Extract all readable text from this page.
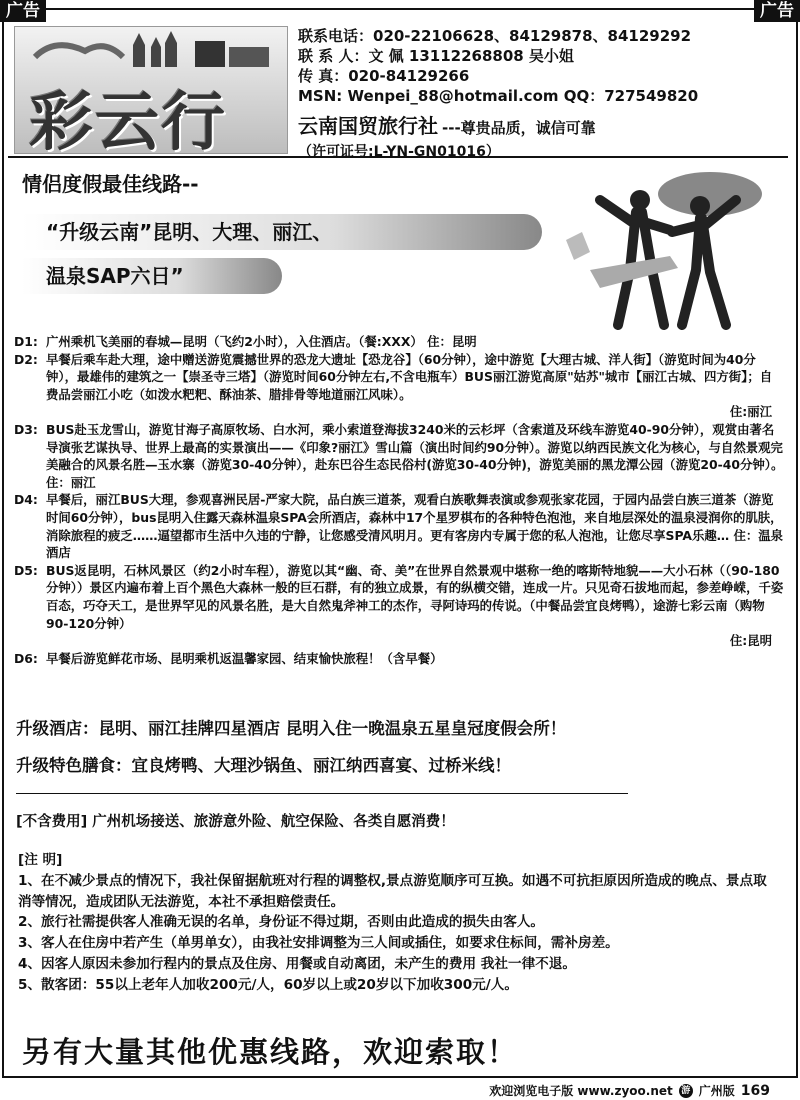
广告	广告
彩云行
联系电话：020-22106628、84129878、84129292
联 系 人：文 佩 13112268808 吴小姐
传 真：020-84129266
MSN: Wenpei_88@hotmail.com QQ：727549820
云南国贸旅行社 ---尊贵品质，诚信可靠
（许可证号:L-YN-GN01016）
情侣度假最佳线路--
“升级云南”昆明、大理、丽江、
温泉SAP六日”
D1: 广州乘机飞美丽的春城—昆明（飞约2小时），入住酒店。（餐:XXX） 住：昆明
D2: 早餐后乘车赴大理，途中赠送游览震撼世界的恐龙大遗址【恐龙谷】（60分钟），途中游览【大理古城、洋人街】（游览时间为40分钟），最雄伟的建筑之一【崇圣寺三塔】（游览时间60分钟左右,不含电瓶车）BUS丽江游览高原"姑苏"城市【丽江古城、四方街】；自费品尝丽江小吃（如泼水粑粑、酥油茶、腊排骨等地道丽江风味）。
住:丽江
D3: BUS赴玉龙雪山，游览甘海子高原牧场、白水河，乘小索道登海拔3240米的云杉坪（含索道及环线车游览40-90分钟），观赏由著名导演张艺谋执导、世界上最高的实景演出——《印象?丽江》雪山篇（演出时间约90分钟）。游览以纳西民族文化为核心，与自然景观完美融合的风景名胜—玉水寨（游览30-40分钟），赴东巴谷生态民俗村(游览30-40分钟)，游览美丽的黑龙潭公园（游览20-40分钟）。住：丽江
D4: 早餐后，丽江BUS大理，参观喜洲民居-严家大院，品白族三道茶，观看白族歌舞表演或参观张家花园，于园内品尝白族三道茶（游览时间60分钟），bus昆明入住露天森林温泉SPA会所酒店，森林中17个星罗棋布的各种特色泡池，来自地层深处的温泉浸润你的肌肤，消除旅程的疲乏……逼望都市生活中久违的宁静，让您感受清风明月。更有客房内专属于您的私人泡池，让您尽享SPA乐趣… 住：温泉酒店
D5: BUS返昆明，石林风景区（约2小时车程），游览以其“幽、奇、美”在世界自然景观中堪称一绝的喀斯特地貌——大小石林（（90-180分钟））景区内遍布着上百个黑色大森林一般的巨石群，有的独立成景，有的纵横交错，连成一片。只见奇石拔地而起，参差峥嵘，千姿百态，巧夺天工，是世界罕见的风景名胜，是大自然鬼斧神工的杰作，寻阿诗玛的传说。（中餐品尝宜良烤鸭），途游七彩云南（购物90-120分钟）
住:昆明
D6: 早餐后游览鲜花市场、昆明乘机返温馨家园、结束愉快旅程！（含早餐）
升级酒店：昆明、丽江挂牌四星酒店 昆明入住一晚温泉五星皇冠度假会所！
升级特色膳食：宜良烤鸭、大理沙锅鱼、丽江纳西喜宴、过桥米线！
[不含费用] 广州机场接送、旅游意外险、航空保险、各类自愿消费！
[注 明]
1、在不减少景点的情况下，我社保留据航班对行程的调整权,景点游览顺序可互换。如遇不可抗拒原因所造成的晚点、景点取消等情况，造成团队无法游览，本社不承担赔偿责任。
2、旅行社需提供客人准确无误的名单，身份证不得过期，否则由此造成的损失由客人。
3、客人在住房中若产生（单男单女），由我社安排调整为三人间或插住，如要求住标间，需补房差。
4、因客人原因未参加行程内的景点及住房、用餐或自动离团，未产生的费用 我社一律不退。
5、散客团：55以上老年人加收200元/人，60岁以上或20岁以下加收300元/人。
另有大量其他优惠线路，欢迎索取！
欢迎浏览电子版 www.zyoo.net 游 广州版 169
